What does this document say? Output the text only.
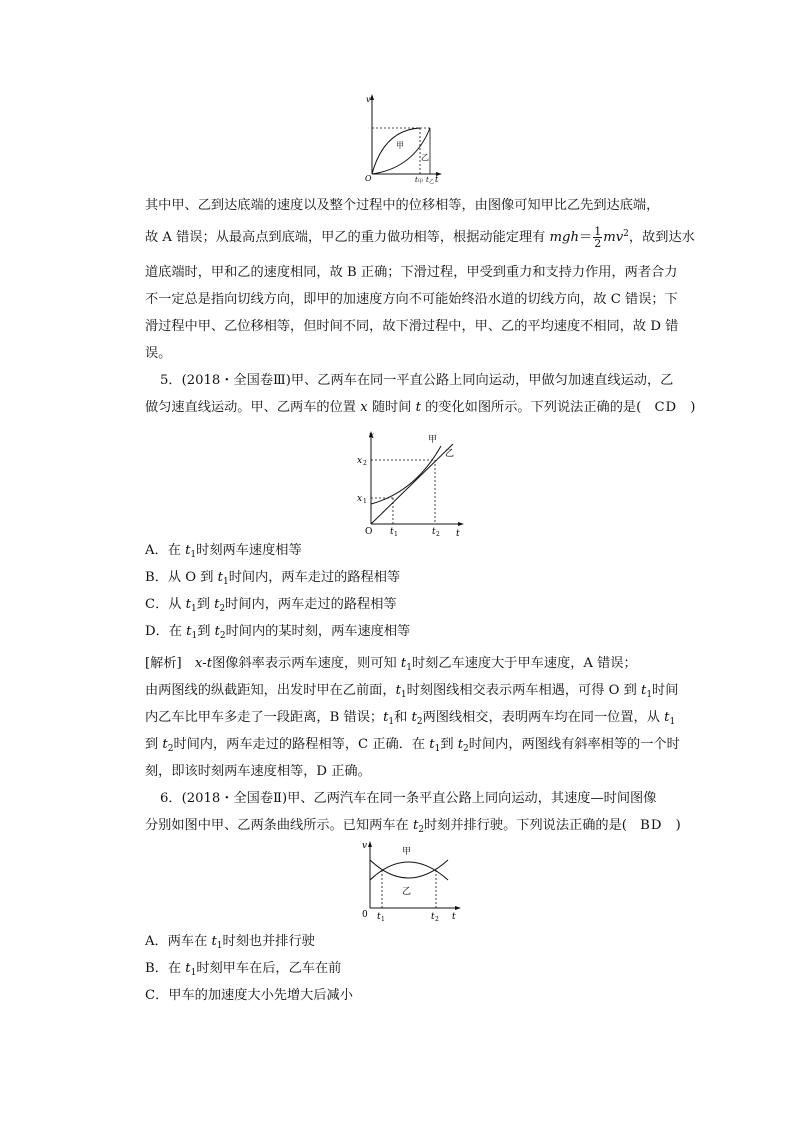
v
O	t
甲
乙
t 甲 t 乙
其中甲、乙到达底端的速度以及整个过程中的位移相等，由图像可知甲比乙先到达底端，
故 A 错误；从最高点到底端，甲乙的重力做功相等，根据动能定理有 $mgh= \frac{1}{2} mv^2$，故到达水
道底端时，甲和乙的速度相同，故 B 正确；下滑过程，甲受到重力和支持力作用，两者合力
不一定总是指向切线方向，即甲的加速度方向不可能始终沿水道的切线方向，故 C 错误；下
滑过程中甲、乙位移相等，但时间不同，故下滑过程中，甲、乙的平均速度不相同，故 D 错
误。
5．(2018・全国卷Ⅲ)甲、乙两车在同一平直公路上同向运动，甲做匀加速直线运动，乙
做匀速直线运动。甲、乙两车的位置 x 随时间 t 的变化如图所示。下列说法正确的是(　CD　)
x	甲
乙
x 2
x 1
O t 1	t 2 t
A．在 $t_1$时刻两车速度相等
B．从 O 到 $t_1$时间内，两车走过的路程相等
C．从 $t_1$到 $t_2$时间内，两车走过的路程相等
D．在 $t_1$到 $t_2$时间内的某时刻，两车速度相等
[解析]　x-t图像斜率表示两车速度，则可知 $t_1$时刻乙车速度大于甲车速度，A 错误；
由两图线的纵截距知，出发时甲在乙前面，$t_1$时刻图线相交表示两车相遇，可得 O 到 $t_1$时间
内乙车比甲车多走了一段距离，B 错误；$t_1$和 $t_2$两图线相交，表明两车均在同一位置，从 $t_1$
到 $t_2$时间内，两车走过的路程相等，C 正确．在 $t_1$到 $t_2$时间内，两图线有斜率相等的一个时
刻，即该时刻两车速度相等，D 正确。
6．(2018・全国卷Ⅱ)甲、乙两汽车在同一条平直公路上同向运动，其速度—时间图像
分别如图中甲、乙两条曲线所示。已知两车在 $t_2$时刻并排行驶。下列说法正确的是(　BD　)
v
甲
乙
0 t 1	t 2 t
A．两车在 $t_1$时刻也并排行驶
B．在 $t_1$时刻甲车在后，乙车在前
C．甲车的加速度大小先增大后减小
